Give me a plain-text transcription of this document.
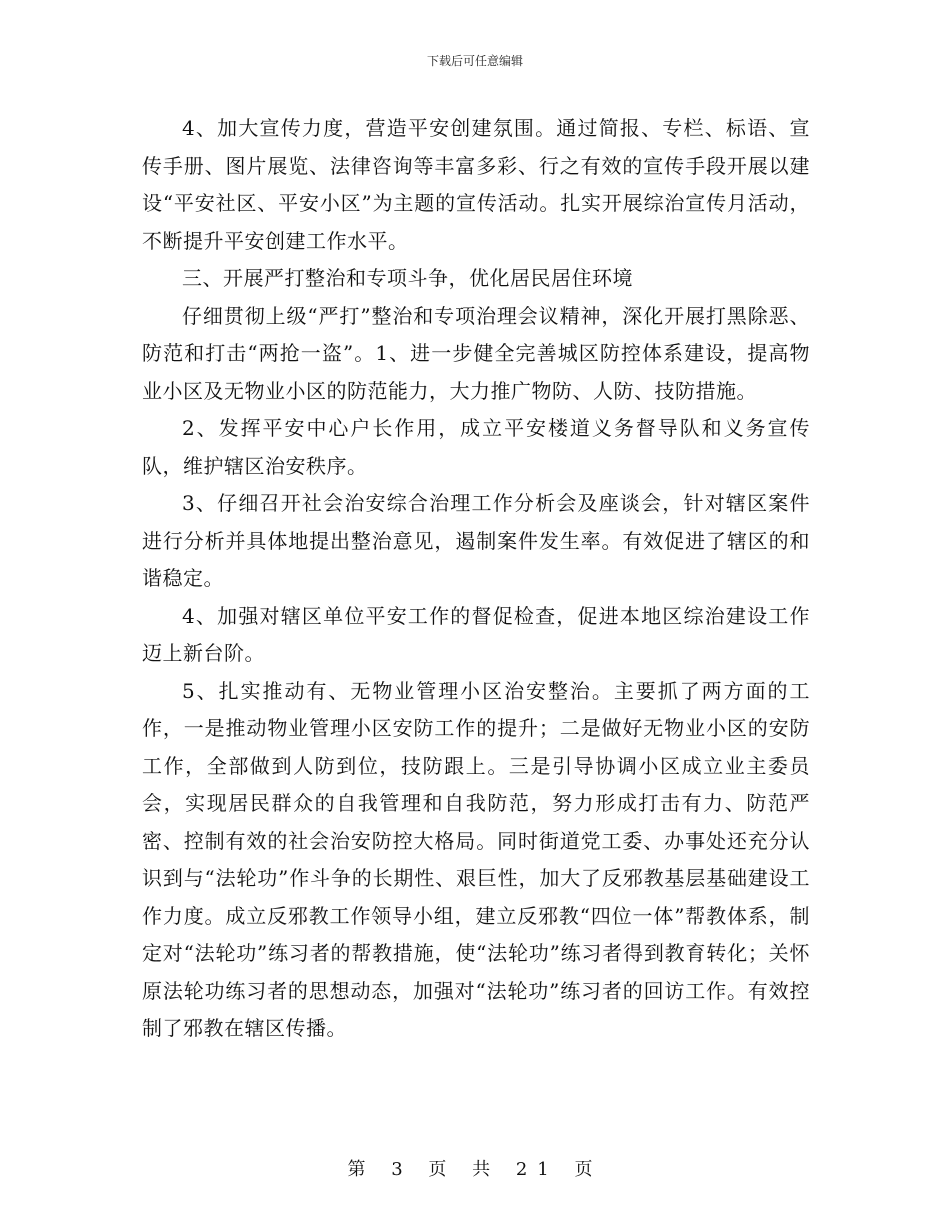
下载后可任意编辑

4、加大宣传力度，营造平安创建氛围。通过简报、专栏、标语、宣传手册、图片展览、法律咨询等丰富多彩、行之有效的宣传手段开展以建设“平安社区、平安小区”为主题的宣传活动。扎实开展综治宣传月活动，不断提升平安创建工作水平。

三、开展严打整治和专项斗争，优化居民居住环境

仔细贯彻上级“严打”整治和专项治理会议精神，深化开展打黑除恶、防范和打击“两抢一盗”。1、进一步健全完善城区防控体系建设，提高物业小区及无物业小区的防范能力，大力推广物防、人防、技防措施。

2、发挥平安中心户长作用，成立平安楼道义务督导队和义务宣传队，维护辖区治安秩序。

3、仔细召开社会治安综合治理工作分析会及座谈会，针对辖区案件进行分析并具体地提出整治意见，遏制案件发生率。有效促进了辖区的和谐稳定。

4、加强对辖区单位平安工作的督促检查，促进本地区综治建设工作迈上新台阶。

5、扎实推动有、无物业管理小区治安整治。主要抓了两方面的工作，一是推动物业管理小区安防工作的提升；二是做好无物业小区的安防工作，全部做到人防到位，技防跟上。三是引导协调小区成立业主委员会，实现居民群众的自我管理和自我防范，努力形成打击有力、防范严密、控制有效的社会治安防控大格局。同时街道党工委、办事处还充分认识到与“法轮功”作斗争的长期性、艰巨性，加大了反邪教基层基础建设工作力度。成立反邪教工作领导小组，建立反邪教“四位一体”帮教体系，制定对“法轮功”练习者的帮教措施，使“法轮功”练习者得到教育转化；关怀原法轮功练习者的思想动态，加强对“法轮功”练习者的回访工作。有效控制了邪教在辖区传播。

第 3 页 共 21 页
